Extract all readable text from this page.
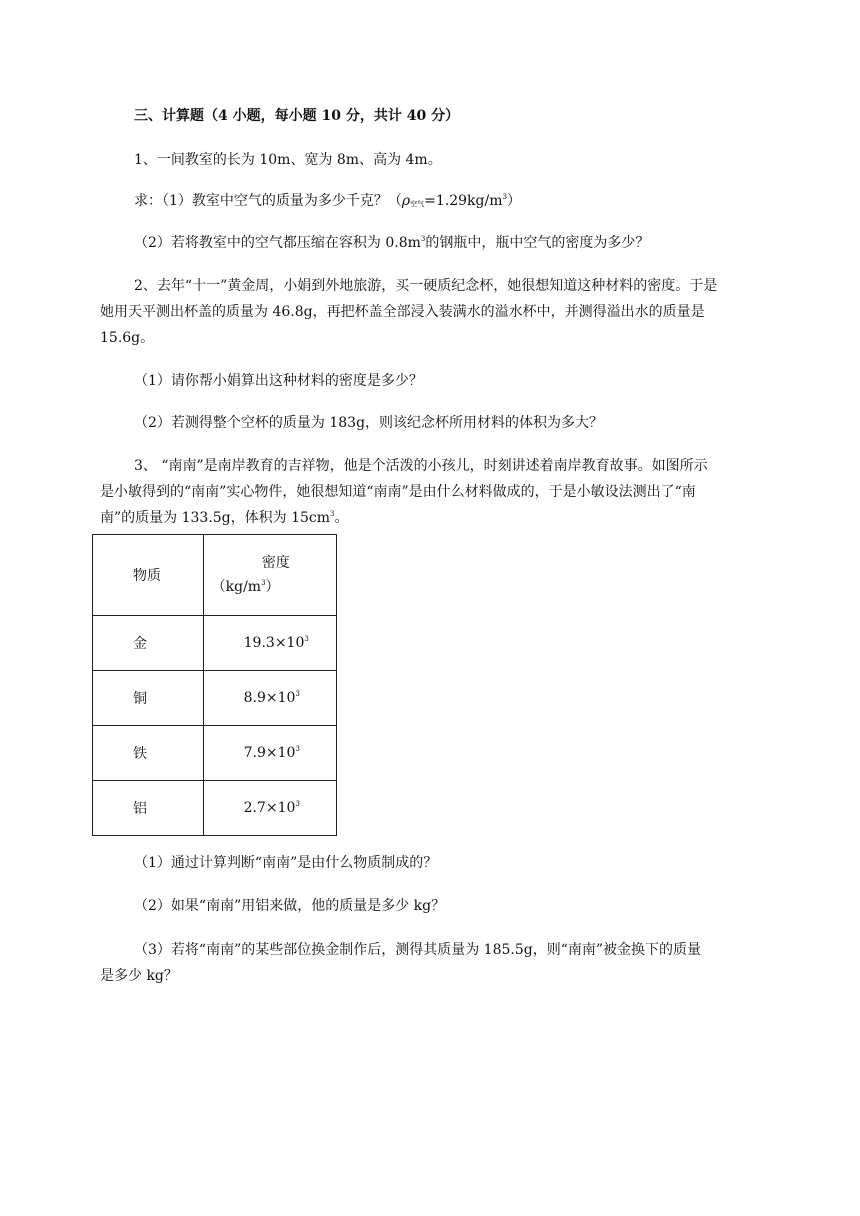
三、计算题（4 小题，每小题 10 分，共计 40 分）
1、一间教室的长为 10m、宽为 8m、高为 4m。
求：（1）教室中空气的质量为多少千克？$(\rho_{空气}=1.29kg/m^3)$
（2）若将教室中的空气都压缩在容积为 $0.8m^3$的钢瓶中，瓶中空气的密度为多少？
2、去年“十一”黄金周，小娟到外地旅游，买一硬质纪念杯，她很想知道这种材料的密度。于是
她用天平测出杯盖的质量为 46.8g，再把杯盖全部浸入装满水的溢水杯中，并测得溢出水的质量是
15.6g。
（1）请你帮小娟算出这种材料的密度是多少？
（2）若测得整个空杯的质量为 183g，则该纪念杯所用材料的体积为多大？
3、 “南南”是南岸教育的吉祥物，他是个活泼的小孩儿，时刻讲述着南岸教育故事。如图所示
是小敏得到的“南南”实心物件，她很想知道“南南”是由什么材料做成的，于是小敏设法测出了“南
南”的质量为 133.5g，体积为 $15cm^3$。
物质	密度
$(kg/m^3)$

金	$19.3\times 10^3$
铜	$8.9\times 10^3$
铁	$7.9\times 10^3$
铝	$2.7\times 10^3$
（1）通过计算判断“南南”是由什么物质制成的？
（2）如果“南南”用铝来做，他的质量是多少 kg？
（3）若将“南南”的某些部位换金制作后，测得其质量为 185.5g，则“南南”被金换下的质量
是多少 kg？
